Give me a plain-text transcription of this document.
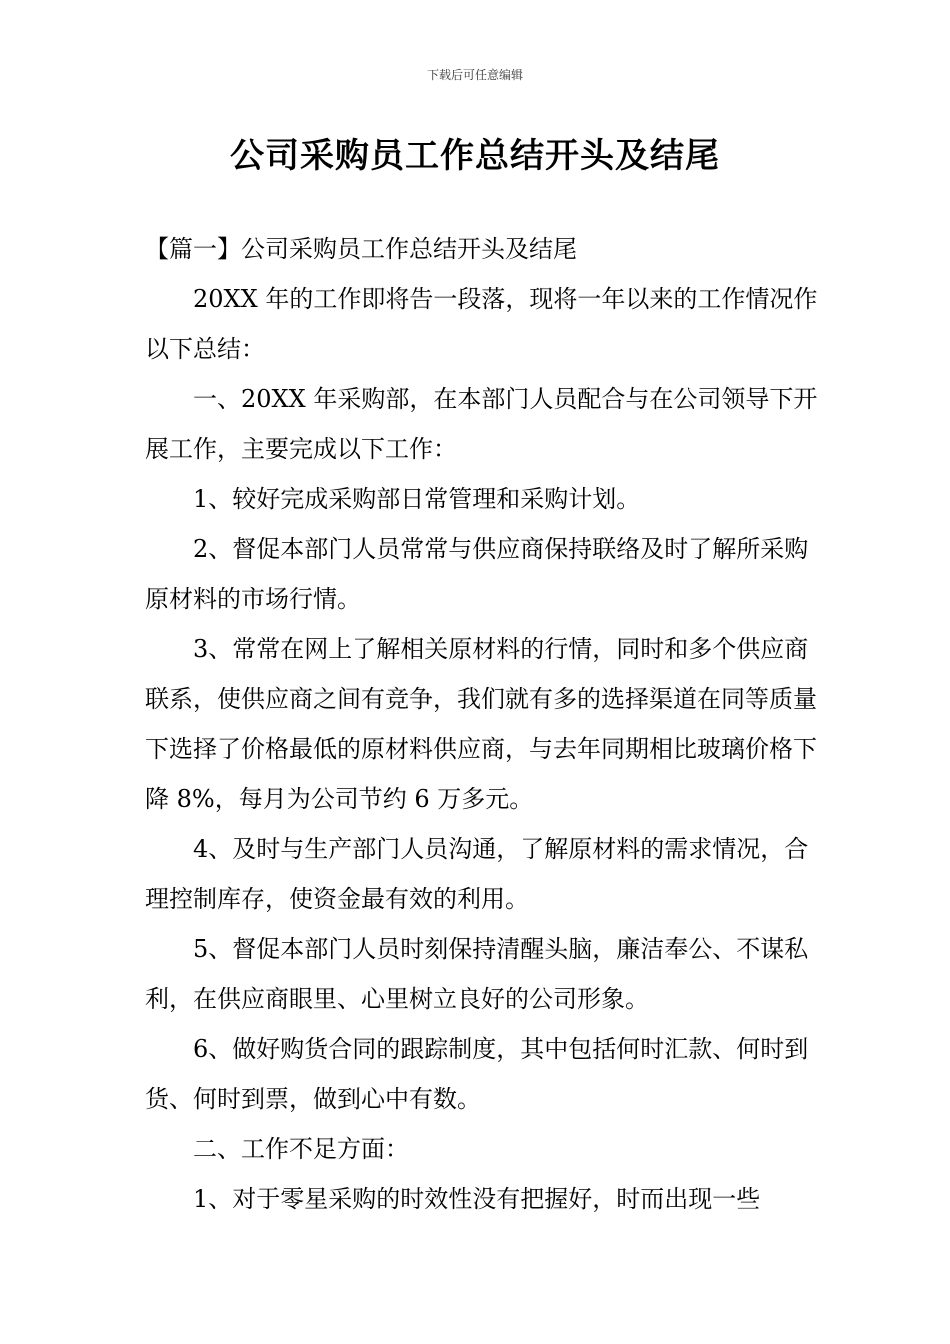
下载后可任意编辑
公司采购员工作总结开头及结尾

【篇一】公司采购员工作总结开头及结尾

20XX 年的工作即将告一段落，现将一年以来的工作情况作以下总结：

一、20XX 年采购部，在本部门人员配合与在公司领导下开展工作，主要完成以下工作：

1、较好完成采购部日常管理和采购计划。

2、督促本部门人员常常与供应商保持联络及时了解所采购原材料的市场行情。

3、常常在网上了解相关原材料的行情，同时和多个供应商联系，使供应商之间有竞争，我们就有多的选择渠道在同等质量下选择了价格最低的原材料供应商，与去年同期相比玻璃价格下降 8%，每月为公司节约 6 万多元。

4、及时与生产部门人员沟通，了解原材料的需求情况，合理控制库存，使资金最有效的利用。

5、督促本部门人员时刻保持清醒头脑，廉洁奉公、不谋私利，在供应商眼里、心里树立良好的公司形象。

6、做好购货合同的跟踪制度，其中包括何时汇款、何时到货、何时到票，做到心中有数。

二、工作不足方面：

1、对于零星采购的时效性没有把握好，时而出现一些
